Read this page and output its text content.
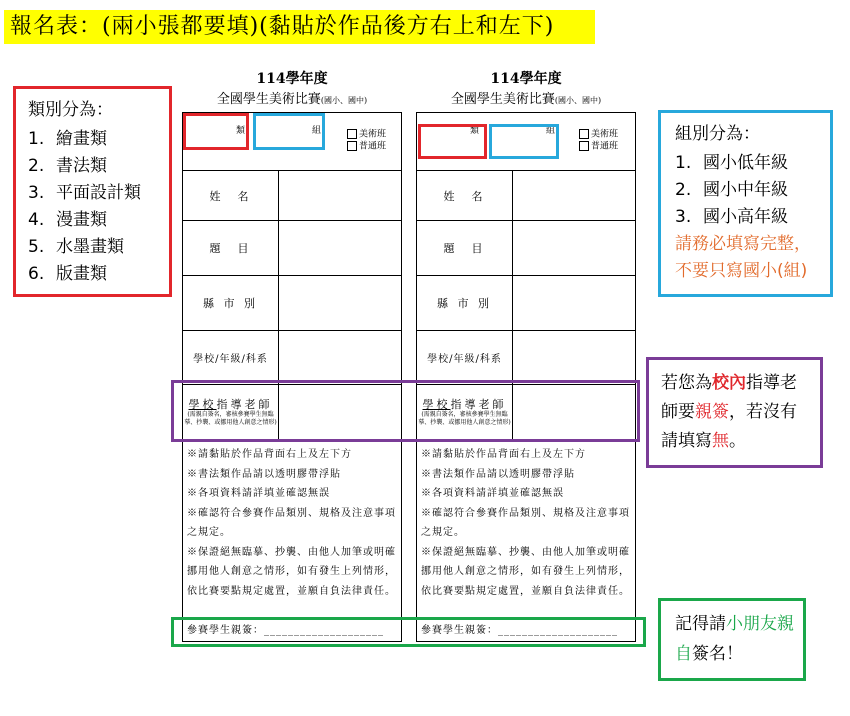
報名表：(兩小張都要填)(黏貼於作品後方右上和左下)
類別分為：
1. 繪畫類
2. 書法類
3. 平面設計類
4. 漫畫類
5. 水墨畫類
6. 版畫類
組別分為：
1. 國小低年級
2. 國小中年級
3. 國小高年級
請務必填寫完整，
不要只寫國小(組)
若您為校內指導老師要親簽，若沒有請填寫無。
記得請小朋友親自簽名！
114學年度
全國學生美術比賽(國小、國中)
類	組	美術班
普通班
姓　名
題　目
縣 市 別
學校/年級/科系
學校指導老師
(需親自簽名，審核參賽學生無臨摹、抄襲、或挪用他人創意之情形)
※請黏貼於作品背面右上及左下方
※書法類作品請以透明膠帶浮貼
※各項資料請詳填並確認無誤
※確認符合參賽作品類別、規格及注意事項之規定。
※保證絕無臨摹、抄襲、由他人加筆或明確挪用他人創意之情形，如有發生上列情形，依比賽要點規定處置，並願自負法律責任。
參賽學生親簽：____________________
114學年度
全國學生美術比賽(國小、國中)
類	組	美術班
普通班
姓　名
題　目
縣 市 別
學校/年級/科系
學校指導老師
(需親自簽名，審核參賽學生無臨摹、抄襲、或挪用他人創意之情形)
※請黏貼於作品背面右上及左下方
※書法類作品請以透明膠帶浮貼
※各項資料請詳填並確認無誤
※確認符合參賽作品類別、規格及注意事項之規定。
※保證絕無臨摹、抄襲、由他人加筆或明確挪用他人創意之情形，如有發生上列情形，依比賽要點規定處置，並願自負法律責任。
參賽學生親簽：____________________
